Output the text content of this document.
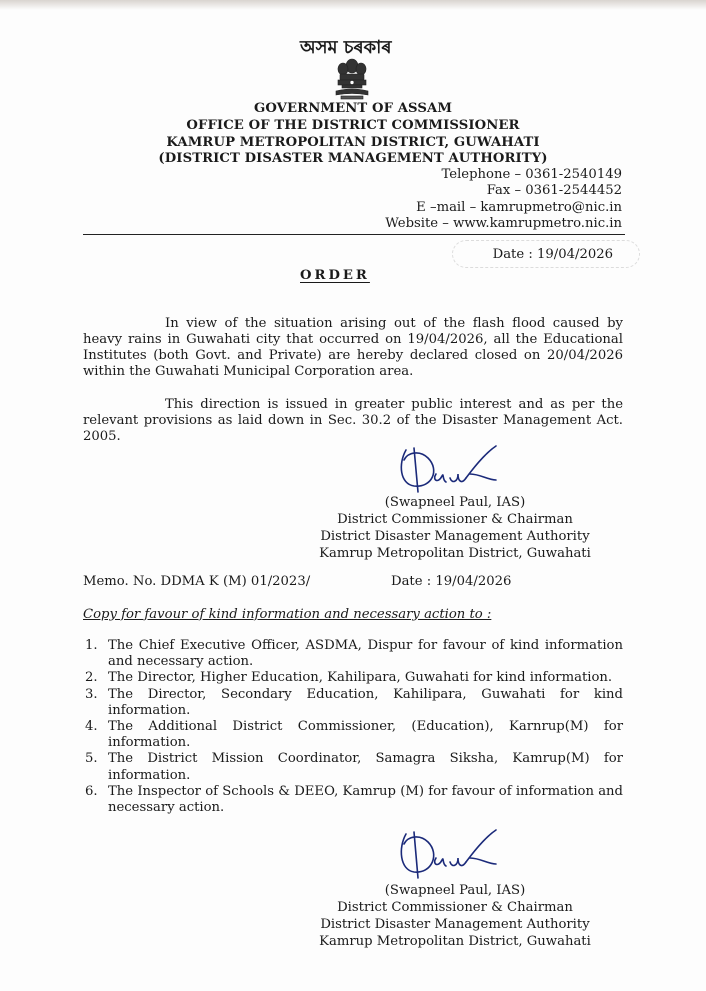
অসম চৰকাৰ
GOVERNMENT OF ASSAM
OFFICE OF THE DISTRICT COMMISSIONER
KAMRUP METROPOLITAN DISTRICT, GUWAHATI
(DISTRICT DISASTER MANAGEMENT AUTHORITY)
Telephone – 0361-2540149
Fax – 0361-2544452
E –mail – kamrupmetro@nic.in
Website – www.kamrupmetro.nic.in
Date : 19/04/2026
ORDER
In view of the situation arising out of the flash flood caused by heavy rains in Guwahati city that occurred on 19/04/2026, all the Educational Institutes (both Govt. and Private) are hereby declared closed on 20/04/2026 within the Guwahati Municipal Corporation area.
This direction is issued in greater public interest and as per the relevant provisions as laid down in Sec. 30.2 of the Disaster Management Act. 2005.
(Swapneel Paul, IAS)
District Commissioner & Chairman
District Disaster Management Authority
Kamrup Metropolitan District, Guwahati
Memo. No. DDMA K (M) 01/2023/	Date : 19/04/2026
Copy for favour of kind information and necessary action to :
1. The Chief Executive Officer, ASDMA, Dispur for favour of kind information and necessary action.
2. The Director, Higher Education, Kahilipara, Guwahati for kind information.
3. The Director, Secondary Education, Kahilipara, Guwahati for kind information.
4. The Additional District Commissioner, (Education), Karnrup(M) for information.
5. The District Mission Coordinator, Samagra Siksha, Kamrup(M) for information.
6. The Inspector of Schools & DEEO, Kamrup (M) for favour of information and necessary action.
(Swapneel Paul, IAS)
District Commissioner & Chairman
District Disaster Management Authority
Kamrup Metropolitan District, Guwahati
